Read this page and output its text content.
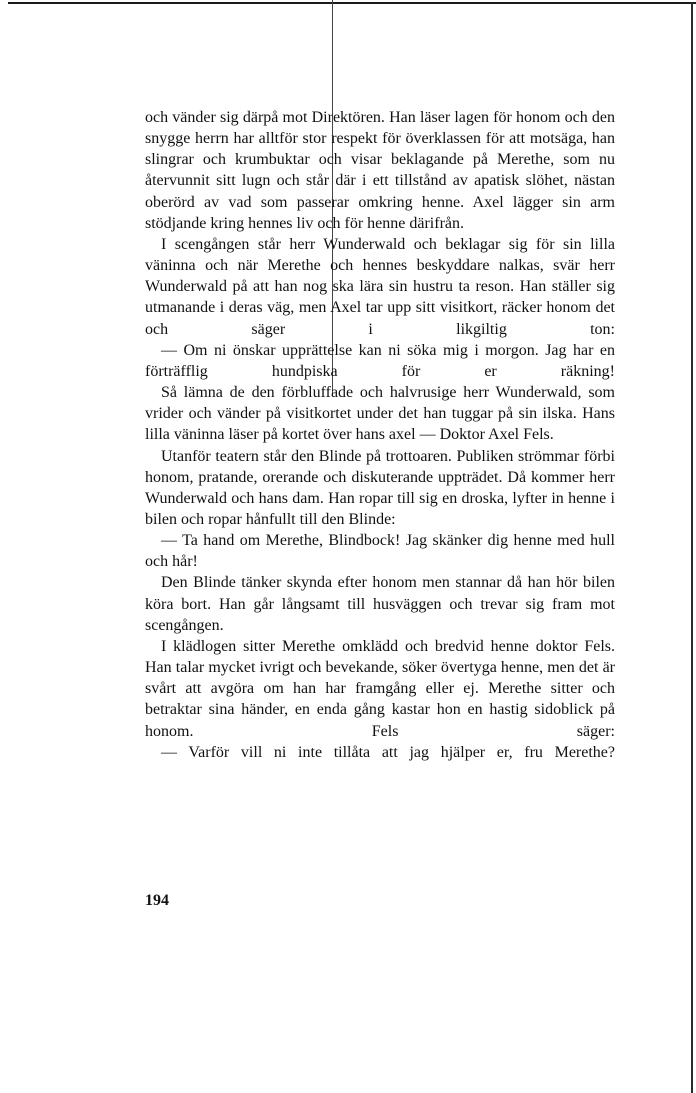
och vänder sig därpå mot Direktören. Han läser lagen för honom och den snygge herrn har alltför stor respekt för överklassen för att motsäga, han slingrar och krumbuktar och visar beklagande på Merethe, som nu återvunnit sitt lugn och står där i ett tillstånd av apatisk slöhet, nästan oberörd av vad som passerar omkring henne. Axel lägger sin arm stödjande kring hennes liv och för henne därifrån.

I scengången står herr Wunderwald och beklagar sig för sin lilla väninna och när Merethe och hennes beskyddare nalkas, svär herr Wunderwald på att han nog ska lära sin hustru ta reson. Han ställer sig utmanande i deras väg, men Axel tar upp sitt visitkort, räcker honom det och säger i likgiltig ton:

— Om ni önskar upprättelse kan ni söka mig i morgon. Jag har en förträfflig hundpiska för er räkning!

Så lämna de den förbluffade och halvrusige herr Wunderwald, som vrider och vänder på visitkortet under det han tuggar på sin ilska. Hans lilla väninna läser på kortet över hans axel — Doktor Axel Fels.

Utanför teatern står den Blinde på trottoaren. Publiken strömmar förbi honom, pratande, orerande och diskuterande uppträdet. Då kommer herr Wunderwald och hans dam. Han ropar till sig en droska, lyfter in henne i bilen och ropar hånfullt till den Blinde:

— Ta hand om Merethe, Blindbock! Jag skänker dig henne med hull och hår!

Den Blinde tänker skynda efter honom men stannar då han hör bilen köra bort. Han går långsamt till husväggen och trevar sig fram mot scengången.

I klädlogen sitter Merethe omklädd och bredvid henne doktor Fels. Han talar mycket ivrigt och bevekande, söker övertyga henne, men det är svårt att avgöra om han har framgång eller ej. Merethe sitter och betraktar sina händer, en enda gång kastar hon en hastig sidoblick på honom. Fels säger:

— Varför vill ni inte tillåta att jag hjälper er, fru Merethe?

194
